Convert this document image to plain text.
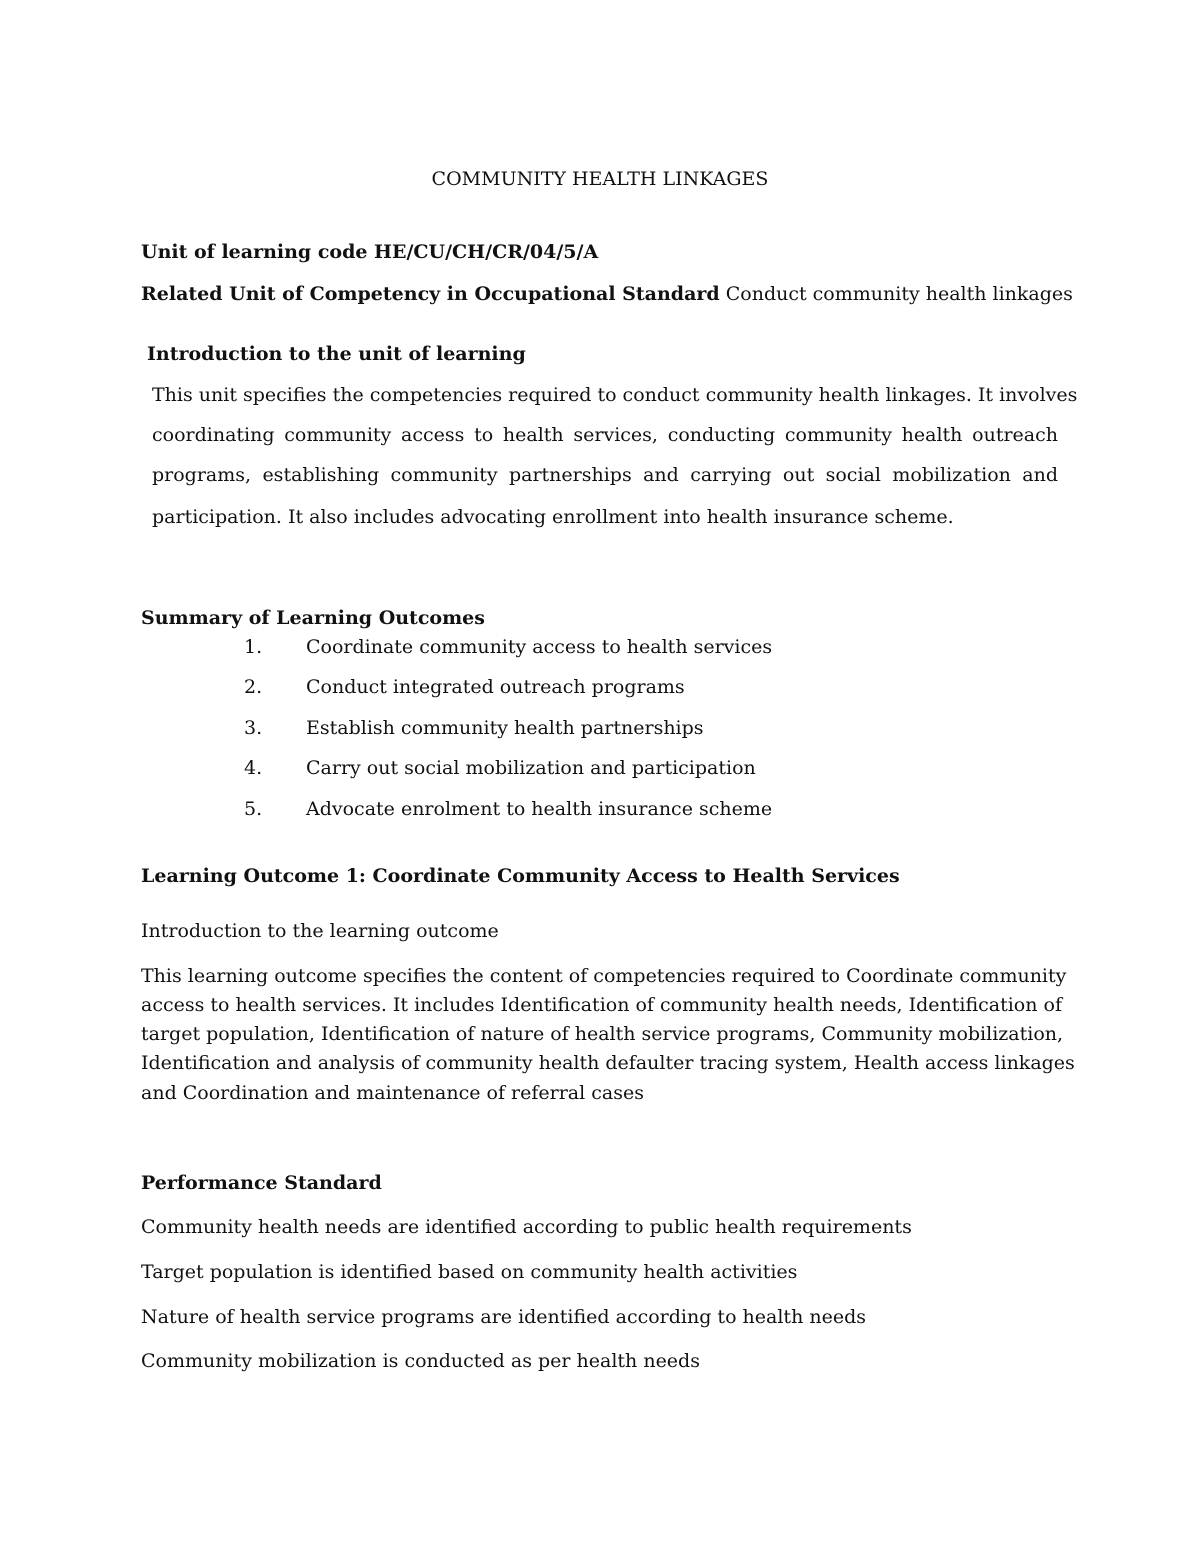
COMMUNITY HEALTH LINKAGES
Unit of learning code HE/CU/CH/CR/04/5/A
Related Unit of Competency in Occupational Standard Conduct community health linkages
Introduction to the unit of learning
This unit specifies the competencies required to conduct community health linkages. It involves
coordinating community access to health services, conducting community health outreach
programs, establishing community partnerships and carrying out social mobilization and
participation. It also includes advocating enrollment into health insurance scheme.
Summary of Learning Outcomes
1. Coordinate community access to health services
2. Conduct integrated outreach programs
3. Establish community health partnerships
4. Carry out social mobilization and participation
5. Advocate enrolment to health insurance scheme
Learning Outcome 1: Coordinate Community Access to Health Services
Introduction to the learning outcome
This learning outcome specifies the content of competencies required to Coordinate community
access to health services. It includes Identification of community health needs, Identification of
target population, Identification of nature of health service programs, Community mobilization,
Identification and analysis of community health defaulter tracing system, Health access linkages
and Coordination and maintenance of referral cases
Performance Standard
Community health needs are identified according to public health requirements
Target population is identified based on community health activities
Nature of health service programs are identified according to health needs
Community mobilization is conducted as per health needs
